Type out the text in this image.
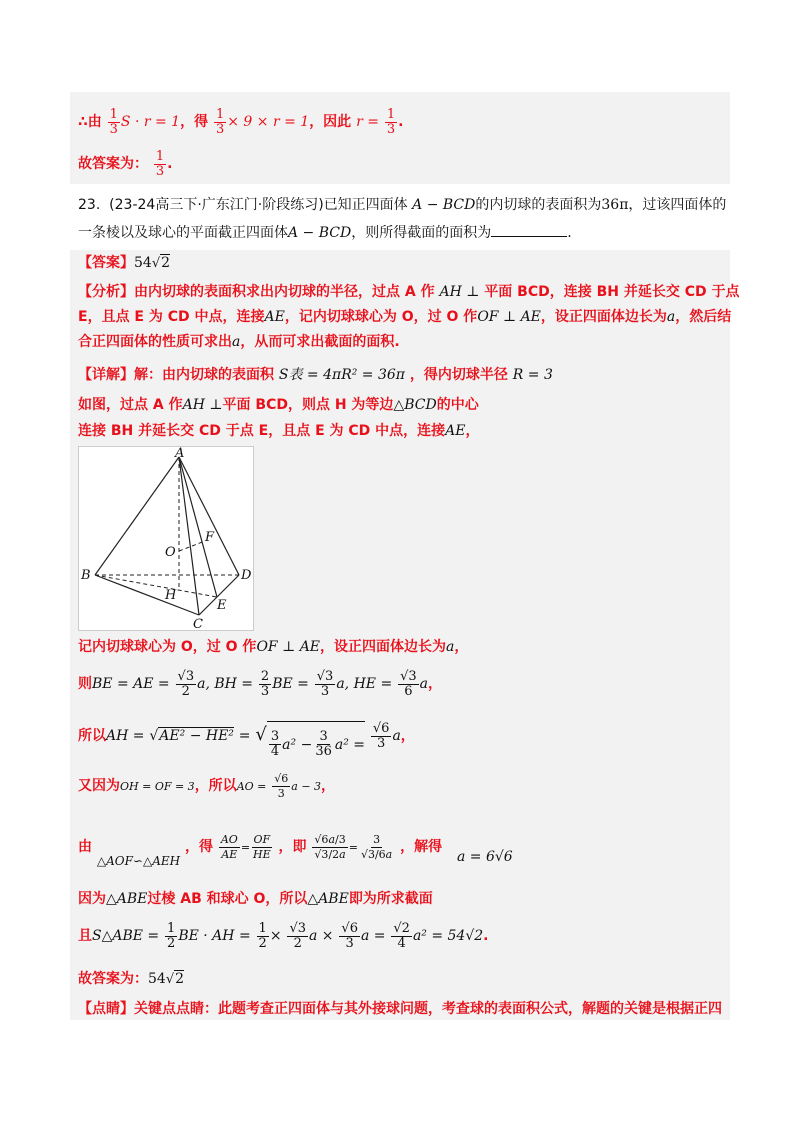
∴由 $\frac{1}{3}$ S · r = 1，得 $\frac{1}{3} \times 9 \times r = 1$，因此 $r = \frac{1}{3}$ .
故答案为： $\frac{1}{3}$ .
23. (23-24高三下·广东江门·阶段练习)已知正四面体 A − BCD的内切球的表面积为36π，过该四面体的
一条棱以及球心的平面截正四面体A − BCD，则所得截面的面积为	.
【答案】54√2
【分析】由内切球的表面积求出内切球的半径，过点 A 作 AH ⊥ 平面 BCD，连接 BH 并延长交 CD 于点
E，且点 E 为 CD 中点，连接AE，记内切球球心为 O，过 O 作OF ⊥ AE，设正四面体边长为a，然后结
合正四面体的性质可求出a，从而可求出截面的面积.
【详解】解：由内切球的表面积 S表 = 4πR² = 36π ，得内切球半径 R = 3
如图，过点 A 作AH ⊥平面 BCD，则点 H 为等边△BCD的中心
连接 BH 并延长交 CD 于点 E，且点 E 为 CD 中点，连接AE，
A
B
C
D
E
F
H
O
记内切球球心为 O，过 O 作OF ⊥ AE，设正四面体边长为a，
则BE = AE = $\frac{√3}{2} a$, BH = $\frac{2}{3}$ BE = $\frac{√3}{3} a$, HE = $\frac{√3}{6}$ a，
所以AH = √AE² − HE² = √ $\frac{3}{4} a^2 - \frac{3}{36} a^2$ =
$\frac{√6}{3}$ a，
又因为OH = OF = 3，所以AO = $\frac{√6}{3}$ a − 3，
由 △AOF∽△AEH ，得 $\frac{AO}{AE} = \frac{OF}{HE}$ ，即 $\frac{√6a/3}{√3/2a} = \frac{3}{√3/6a}$ ，解得 a = 6√6
因为△ABE过棱 AB 和球心 O，所以△ABE即为所求截面
且S△ABE = $\frac{1}{2}$ BE · AH = $\frac{1}{2} \times \frac{√3}{2}$ $a \times \frac{√6}{3}$ $a = \frac{√2}{4} a^2 = 54√2$.
故答案为：54√2
【点睛】关键点点睛：此题考查正四面体与其外接球问题，考查球的表面积公式，解题的关键是根据正四
